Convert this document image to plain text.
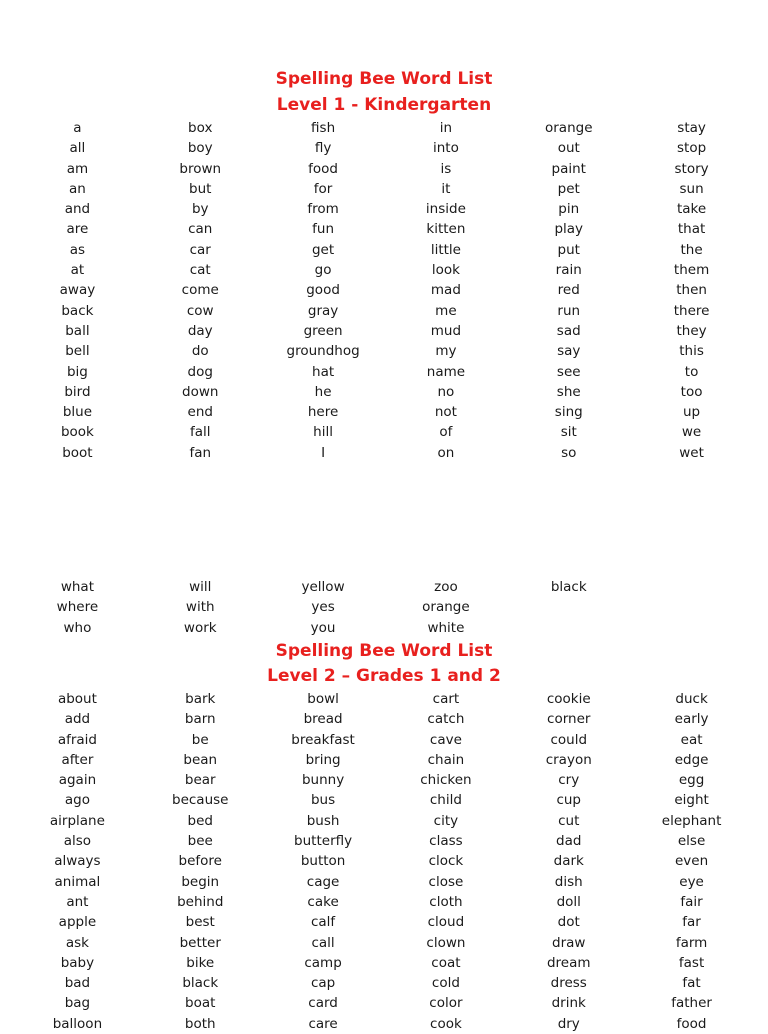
Spelling Bee Word List
Level 1 - Kindergarten
a
all
am
an
and
are
as
at
away
back
ball
bell
big
bird
blue
book
boot
box
boy
brown
but
by
can
car
cat
come
cow
day
do
dog
down
end
fall
fan
fish
fly
food
for
from
fun
get
go
good
gray
green
groundhog
hat
he
here
hill
I
in
into
is
it
inside
kitten
little
look
mad
me
mud
my
name
no
not
of
on
orange
out
paint
pet
pin
play
put
rain
red
run
sad
say
see
she
sing
sit
so
stay
stop
story
sun
take
that
the
them
then
there
they
this
to
too
up
we
wet
what
where
who
will
with
work
yellow
yes
you
zoo
orange
white
black
Spelling Bee Word List
Level 2 – Grades 1 and 2
about
add
afraid
after
again
ago
airplane
also
always
animal
ant
apple
ask
baby
bad
bag
balloon
bark
barn
be
bean
bear
because
bed
bee
before
begin
behind
best
better
bike
black
boat
both
bowl
bread
breakfast
bring
bunny
bus
bush
butterfly
button
cage
cake
calf
call
camp
cap
card
care
cart
catch
cave
chain
chicken
child
city
class
clock
close
cloth
cloud
clown
coat
cold
color
cook
cookie
corner
could
crayon
cry
cup
cut
dad
dark
dish
doll
dot
draw
dream
dress
drink
dry
duck
early
eat
edge
egg
eight
elephant
else
even
eye
fair
far
farm
fast
fat
father
food
